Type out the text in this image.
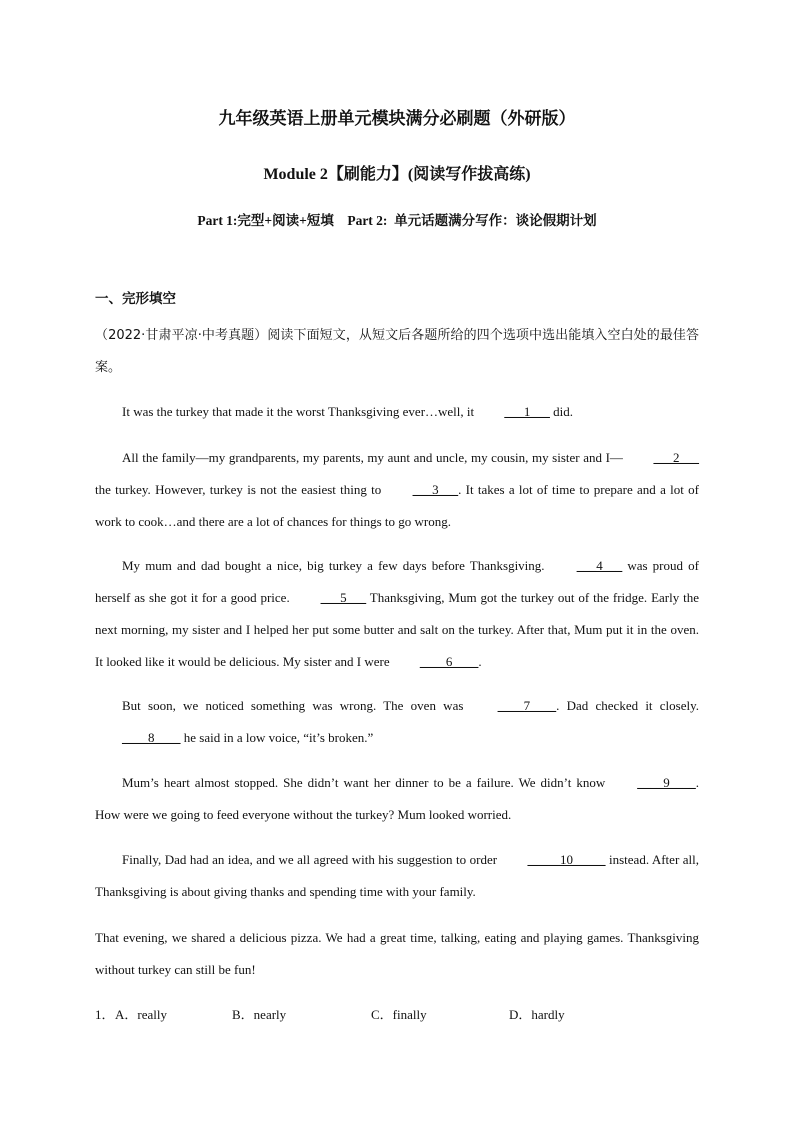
九年级英语上册单元模块满分必刷题（外研版）
Module 2【刷能力】(阅读写作拔高练)
Part 1:完型+阅读+短填    Part 2:  单元话题满分写作：谈论假期计划
一、完形填空

（2022·甘肃平凉·中考真题）阅读下面短文，从短文后各题所给的四个选项中选出能填入空白处的最佳答案。

It was the turkey that made it the worst Thanksgiving ever…well, it ___1___ did.

All the family—my grandparents, my parents, my aunt and uncle, my cousin, my sister and I— ___2___ the turkey. However, turkey is not the easiest thing to ___3___. It takes a lot of time to prepare and a lot of work to cook…and there are a lot of chances for things to go wrong.

My mum and dad bought a nice, big turkey a few days before Thanksgiving. ___4___ was proud of herself as she got it for a good price. ___5___ Thanksgiving, Mum got the turkey out of the fridge. Early the next morning, my sister and I helped her put some butter and salt on the turkey. After that, Mum put it in the oven. It looked like it would be delicious. My sister and I were ____6____.

But soon, we noticed something was wrong. The oven was ____7____. Dad checked it closely. ____8____ he said in a low voice, “it’s broken.”

Mum’s heart almost stopped. She didn’t want her dinner to be a failure. We didn’t know ____9____. How were we going to feed everyone without the turkey? Mum looked worried.

Finally, Dad had an idea, and we all agreed with his suggestion to order _____10_____ instead. After all, Thanksgiving is about giving thanks and spending time with your family.

That evening, we shared a delicious pizza. We had a great time, talking, eating and playing games. Thanksgiving without turkey can still be fun!

1． A．really	B．nearly	C．finally	D．hardly
